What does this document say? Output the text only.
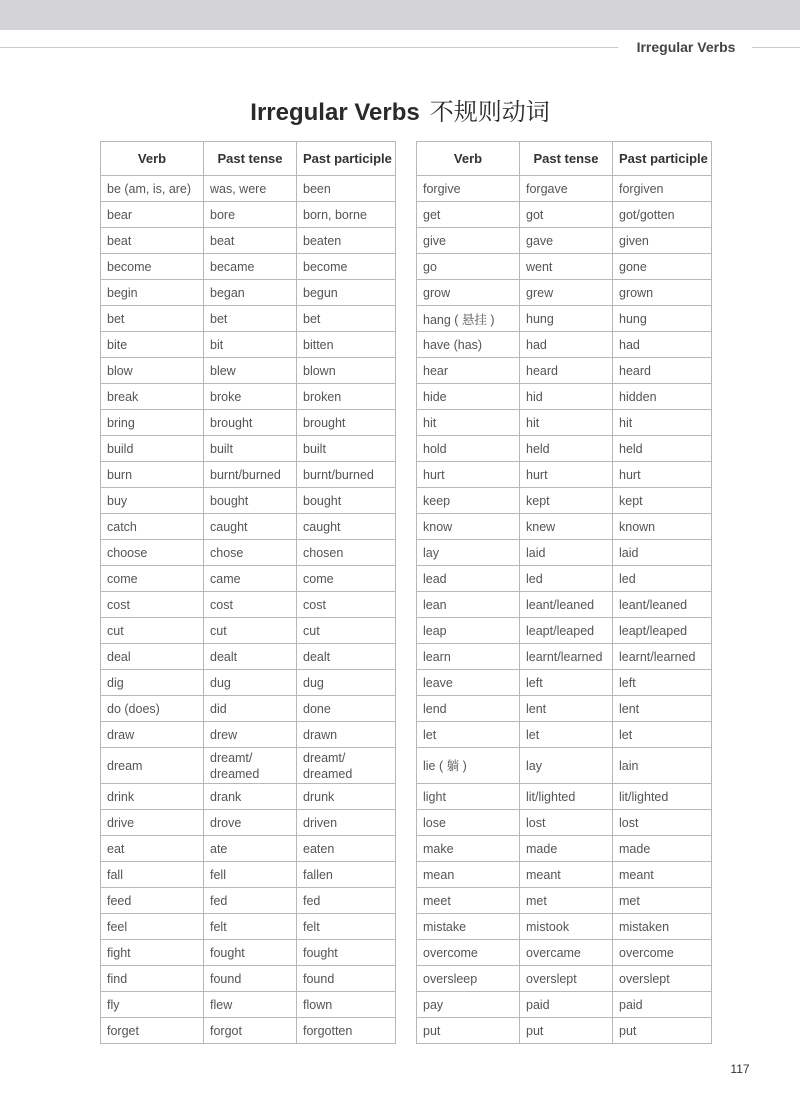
Irregular Verbs
Irregular Verbs 不规则动词
Verb	Past tense	Past participle
be (am, is, are)	was, were	been
bear	bore	born, borne
beat	beat	beaten
become	became	become
begin	began	begun
bet	bet	bet
bite	bit	bitten
blow	blew	blown
break	broke	broken
bring	brought	brought
build	built	built
burn	burnt/burned	burnt/burned
buy	bought	bought
catch	caught	caught
choose	chose	chosen
come	came	come
cost	cost	cost
cut	cut	cut
deal	dealt	dealt
dig	dug	dug
do (does)	did	done
draw	drew	drawn
dream	dreamt/ dreamed	dreamt/ dreamed
drink	drank	drunk
drive	drove	driven
eat	ate	eaten
fall	fell	fallen
feed	fed	fed
feel	felt	felt
fight	fought	fought
find	found	found
fly	flew	flown
forget	forgot	forgotten
Verb	Past tense	Past participle
forgive	forgave	forgiven
get	got	got/gotten
give	gave	given
go	went	gone
grow	grew	grown
hang ( 悬挂 )	hung	hung
have (has)	had	had
hear	heard	heard
hide	hid	hidden
hit	hit	hit
hold	held	held
hurt	hurt	hurt
keep	kept	kept
know	knew	known
lay	laid	laid
lead	led	led
lean	leant/leaned	leant/leaned
leap	leapt/leaped	leapt/leaped
learn	learnt/learned	learnt/learned
leave	left	left
lend	lent	lent
let	let	let
lie ( 躺 )	lay	lain
light	lit/lighted	lit/lighted
lose	lost	lost
make	made	made
mean	meant	meant
meet	met	met
mistake	mistook	mistaken
overcome	overcame	overcome
oversleep	overslept	overslept
pay	paid	paid
put	put	put
117
